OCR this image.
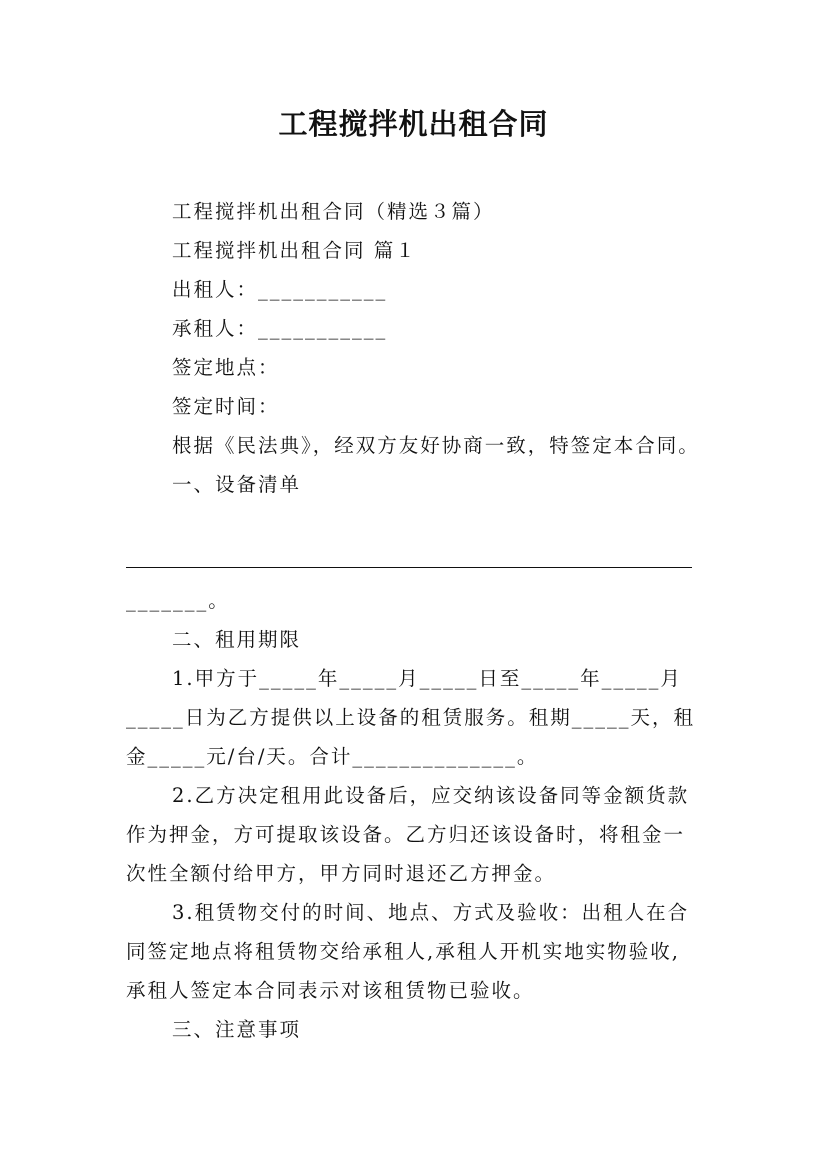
工程搅拌机出租合同
工程搅拌机出租合同（精选３篇）
工程搅拌机出租合同 篇１
出租人：___________
承租人：___________
签定地点：
签定时间：
根据《民法典》，经双方友好协商一致，特签定本合同。
一、设备清单
_______。
二、租用期限
1.甲方于_____年_____月_____日至_____年_____月
_____日为乙方提供以上设备的租赁服务。租期_____天，租
金_____元/台/天。合计______________。
2.乙方决定租用此设备后，应交纳该设备同等金额货款
作为押金，方可提取该设备。乙方归还该设备时，将租金一
次性全额付给甲方，甲方同时退还乙方押金。
3.租赁物交付的时间、地点、方式及验收：出租人在合
同签定地点将租赁物交给承租人,承租人开机实地实物验收,
承租人签定本合同表示对该租赁物已验收。
三、注意事项
